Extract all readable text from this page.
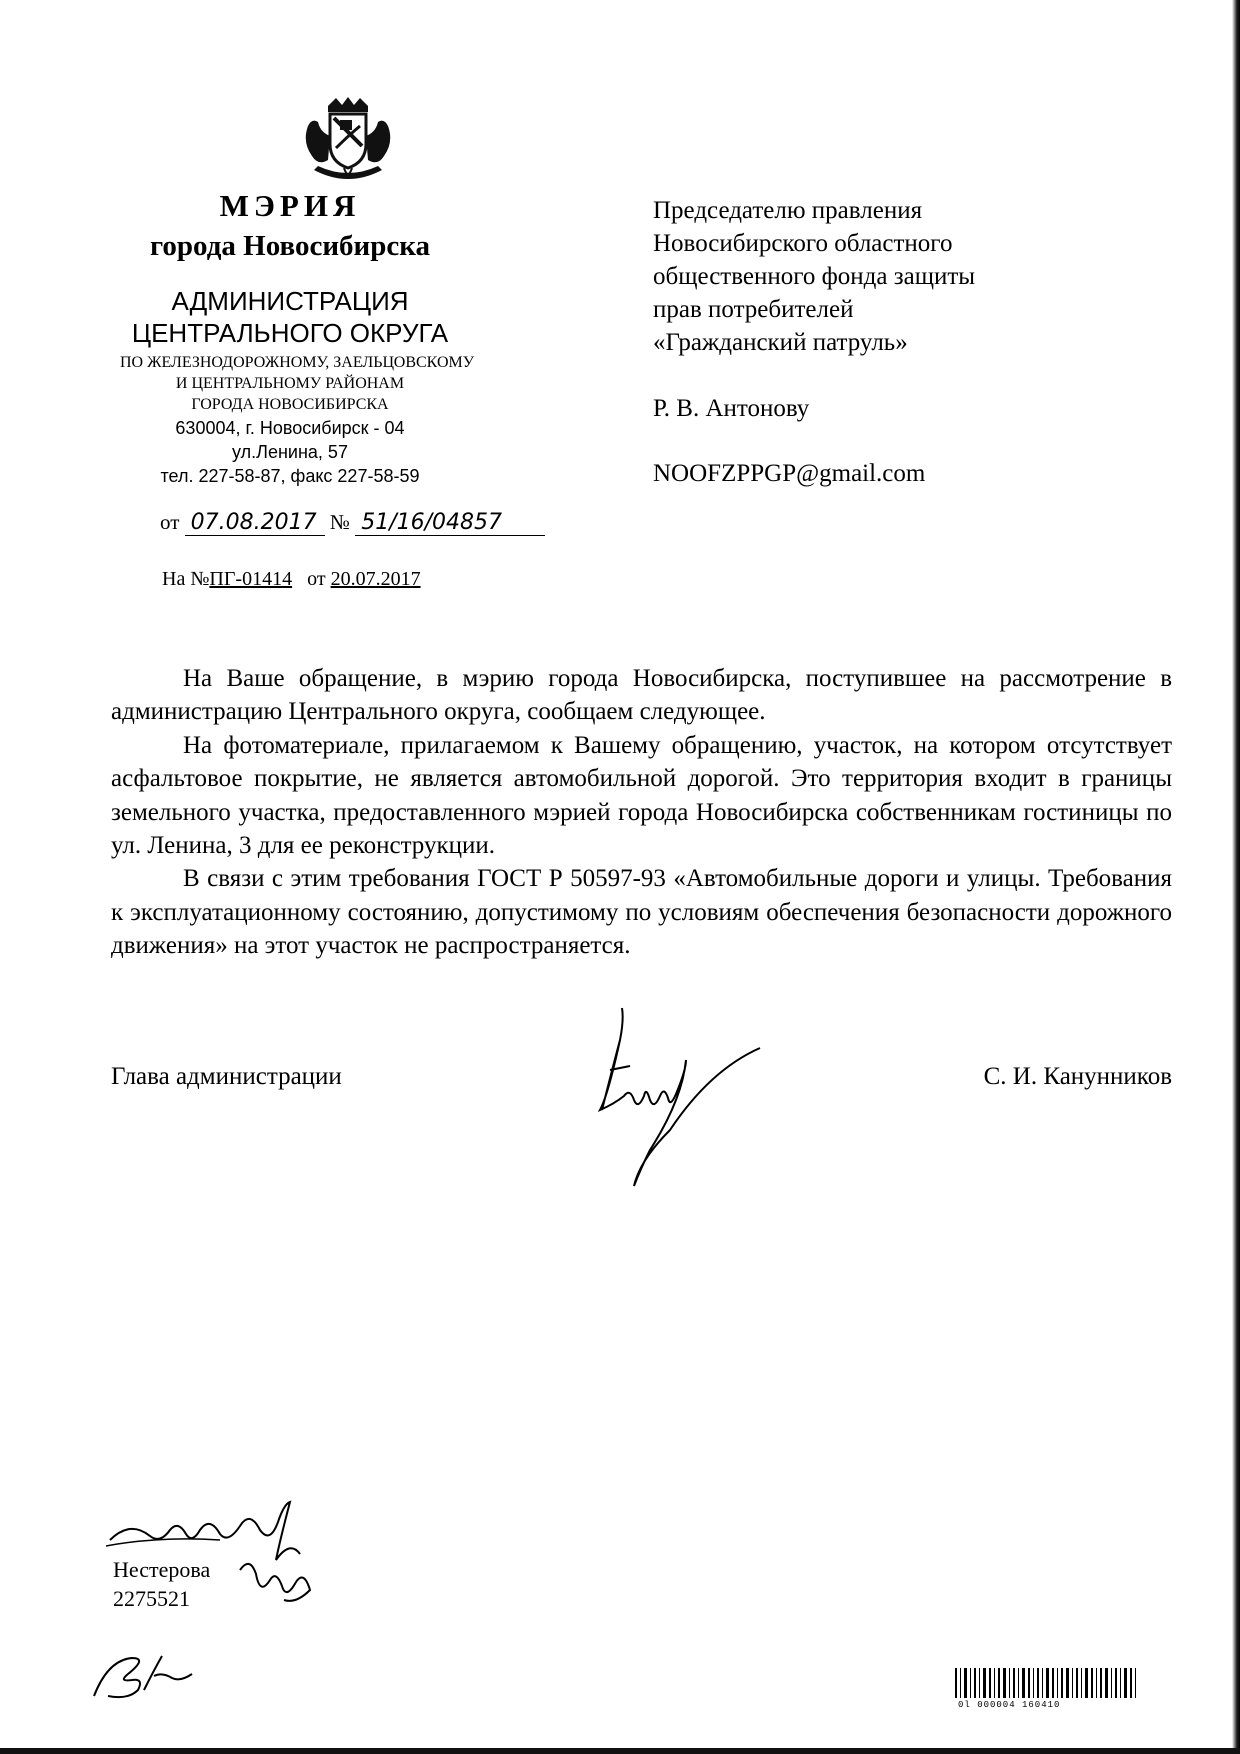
МЭРИЯ
города Новосибирска
АДМИНИСТРАЦИЯ
ЦЕНТРАЛЬНОГО ОКРУГА
ПО ЖЕЛЕЗНОДОРОЖНОМУ, ЗАЕЛЬЦОВСКОМУ
И ЦЕНТРАЛЬНОМУ РАЙОНАМ
ГОРОДА НОВОСИБИРСКА
630004, г. Новосибирск - 04
ул.Ленина, 57
тел. 227-58-87, факс 227-58-59
от 07.08.2017 № 51/16/04857
На №ПГ-01414 от 20.07.2017
Председателю правления
Новосибирского областного
общественного фонда защиты
прав потребителей
«Гражданский патруль»
Р. В. Антонову
NOOFZPPGP@gmail.com

На Ваше обращение, в мэрию города Новосибирска, поступившее на рассмотрение в администрацию Центрального округа, сообщаем следующее.

На фотоматериале, прилагаемом к Вашему обращению, участок, на котором отсутствует асфальтовое покрытие, не является автомобильной дорогой. Это территория входит в границы земельного участка, предоставленного мэрией города Новосибирска собственникам гостиницы по ул. Ленина, 3 для ее реконструкции.

В связи с этим требования ГОСТ Р 50597-93 «Автомобильные дороги и улицы. Требования к эксплуатационному состоянию, допустимому по условиям обеспечения безопасности дорожного движения» на этот участок не распространяется.

Глава администрации	С. И. Канунников
Нестерова
2275521
0l 000004 160410
